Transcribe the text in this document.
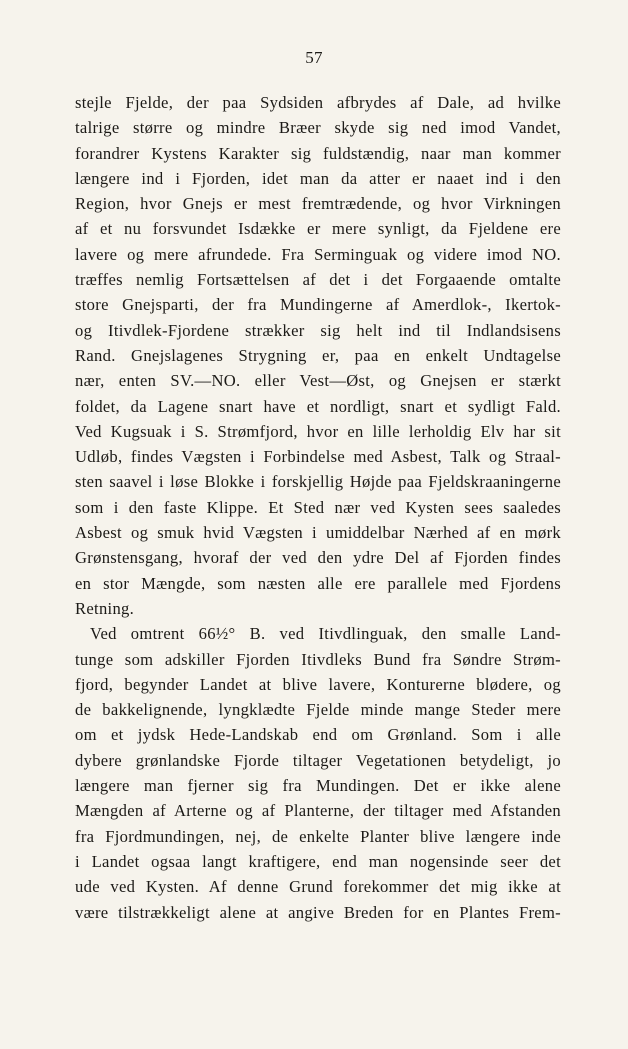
57
stejle Fjelde, der paa Sydsiden afbrydes af Dale, ad hvilke
talrige større og mindre Bræer skyde sig ned imod Vandet,
forandrer Kystens Karakter sig fuldstændig, naar man kommer
længere ind i Fjorden, idet man da atter er naaet ind i den
Region, hvor Gnejs er mest fremtrædende, og hvor Virkningen
af et nu forsvundet Isdække er mere synligt, da Fjeldene ere
lavere og mere afrundede. Fra Serminguak og videre imod NO.
træffes nemlig Fortsættelsen af det i det Forgaaende omtalte
store Gnejsparti, der fra Mundingerne af Amerdlok-, Ikertok-
og Itivdlek-Fjordene strækker sig helt ind til Indlandsisens
Rand. Gnejslagenes Strygning er, paa en enkelt Undtagelse
nær, enten SV.—NO. eller Vest—Øst, og Gnejsen er stærkt
foldet, da Lagene snart have et nordligt, snart et sydligt Fald.
Ved Kugsuak i S. Strømfjord, hvor en lille lerholdig Elv har sit
Udløb, findes Vægsten i Forbindelse med Asbest, Talk og Straal-
sten saavel i løse Blokke i forskjellig Højde paa Fjeldskraaningerne
som i den faste Klippe. Et Sted nær ved Kysten sees saaledes
Asbest og smuk hvid Vægsten i umiddelbar Nærhed af en mørk
Grønstensgang, hvoraf der ved den ydre Del af Fjorden findes
en stor Mængde, som næsten alle ere parallele med Fjordens
Retning.
Ved omtrent 66½° B. ved Itivdlinguak, den smalle Land-
tunge som adskiller Fjorden Itivdleks Bund fra Søndre Strøm-
fjord, begynder Landet at blive lavere, Konturerne blødere, og
de bakkelignende, lyngklædte Fjelde minde mange Steder mere
om et jydsk Hede-Landskab end om Grønland. Som i alle
dybere grønlandske Fjorde tiltager Vegetationen betydeligt, jo
længere man fjerner sig fra Mundingen. Det er ikke alene
Mængden af Arterne og af Planterne, der tiltager med Afstanden
fra Fjordmundingen, nej, de enkelte Planter blive længere inde
i Landet ogsaa langt kraftigere, end man nogensinde seer det
ude ved Kysten. Af denne Grund forekommer det mig ikke at
være tilstrækkeligt alene at angive Breden for en Plantes Frem-
